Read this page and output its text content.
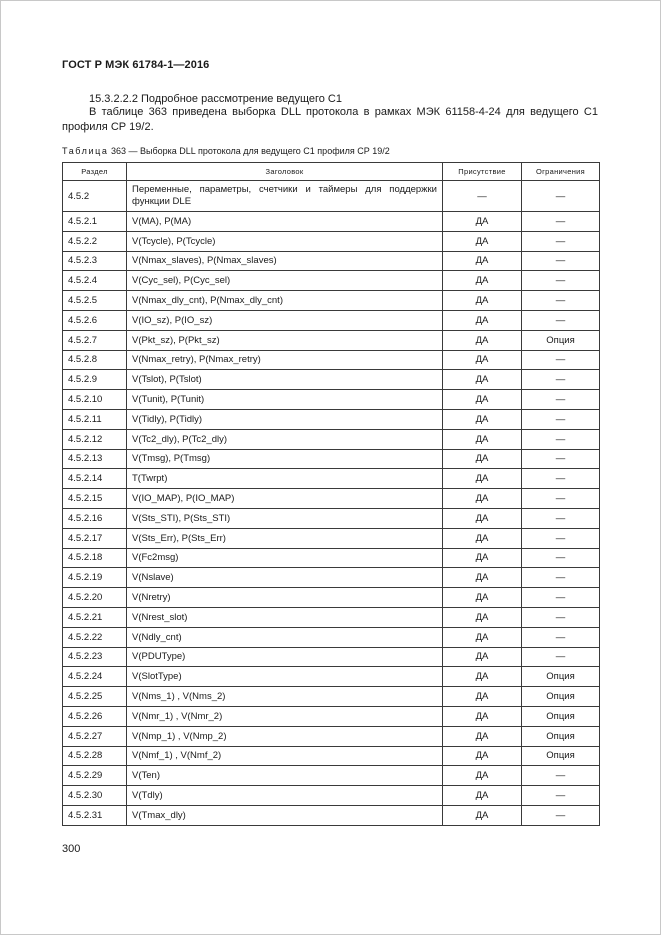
ГОСТ Р МЭК 61784-1—2016
15.3.2.2.2 Подробное рассмотрение ведущего С1
В таблице 363 приведена выборка DLL протокола в рамках МЭК 61158-4-24 для ведущего С1 профиля СР 19/2.
Таблица 363 — Выборка DLL протокола для ведущего С1 профиля СР 19/2
Раздел	Заголовок	Присутствие	Ограничения
4.5.2	Переменные, параметры, счетчики и таймеры для поддержки функции DLE	—	—
4.5.2.1	V(MA), P(MA)	ДА	—
4.5.2.2	V(Tcycle), P(Tcycle)	ДА	—
4.5.2.3	V(Nmax_slaves), P(Nmax_slaves)	ДА	—
4.5.2.4	V(Cyc_sel), P(Cyc_sel)	ДА	—
4.5.2.5	V(Nmax_dly_cnt), P(Nmax_dly_cnt)	ДА	—
4.5.2.6	V(IO_sz), P(IO_sz)	ДА	—
4.5.2.7	V(Pkt_sz), P(Pkt_sz)	ДА	Опция
4.5.2.8	V(Nmax_retry), P(Nmax_retry)	ДА	—
4.5.2.9	V(Tslot), P(Tslot)	ДА	—
4.5.2.10	V(Tunit), P(Tunit)	ДА	—
4.5.2.11	V(Tidly), P(Tidly)	ДА	—
4.5.2.12	V(Tc2_dly), P(Tc2_dly)	ДА	—
4.5.2.13	V(Tmsg), P(Tmsg)	ДА	—
4.5.2.14	T(Twrpt)	ДА	—
4.5.2.15	V(IO_MAP), P(IO_MAP)	ДА	—
4.5.2.16	V(Sts_STI), P(Sts_STI)	ДА	—
4.5.2.17	V(Sts_Err), P(Sts_Err)	ДА	—
4.5.2.18	V(Fc2msg)	ДА	—
4.5.2.19	V(Nslave)	ДА	—
4.5.2.20	V(Nretry)	ДА	—
4.5.2.21	V(Nrest_slot)	ДА	—
4.5.2.22	V(Ndly_cnt)	ДА	—
4.5.2.23	V(PDUType)	ДА	—
4.5.2.24	V(SlotType)	ДА	Опция
4.5.2.25	V(Nms_1) , V(Nms_2)	ДА	Опция
4.5.2.26	V(Nmr_1) , V(Nmr_2)	ДА	Опция
4.5.2.27	V(Nmp_1) , V(Nmp_2)	ДА	Опция
4.5.2.28	V(Nmf_1) , V(Nmf_2)	ДА	Опция
4.5.2.29	V(Ten)	ДА	—
4.5.2.30	V(Tdly)	ДА	—
4.5.2.31	V(Tmax_dly)	ДА	—
300
